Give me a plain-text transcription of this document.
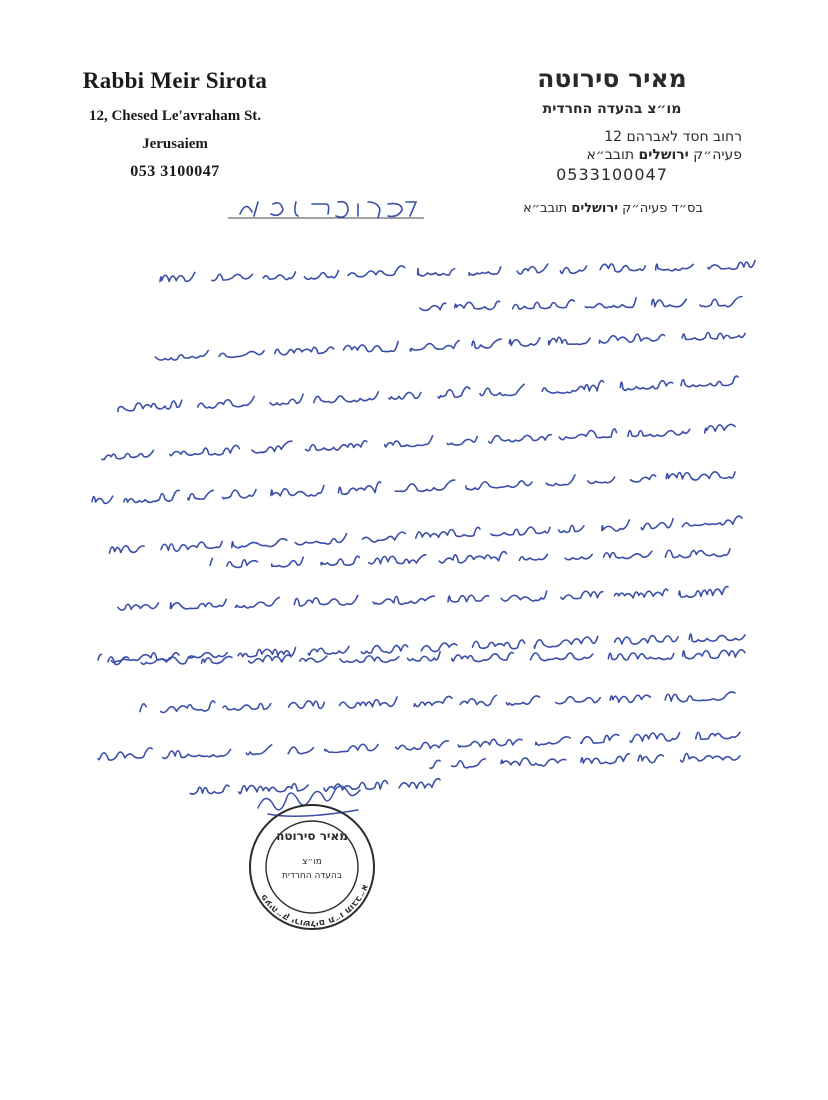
Rabbi Meir Sirota
12, Chesed Le'avraham St.
Jerusaiem
053 3100047
מאיר סירוטה
מו״צ בהעדה החרדית
רחוב חסד לאברהם 12
פעיה״ק ירושלים תובב״א
0533100047
בס״ד פעיה״ק ירושלים תובב״א
פעיה״ק ירושלים ת״ו תובב״א
מאיר סירוטה
מו״צ
בהעדה החרדית
